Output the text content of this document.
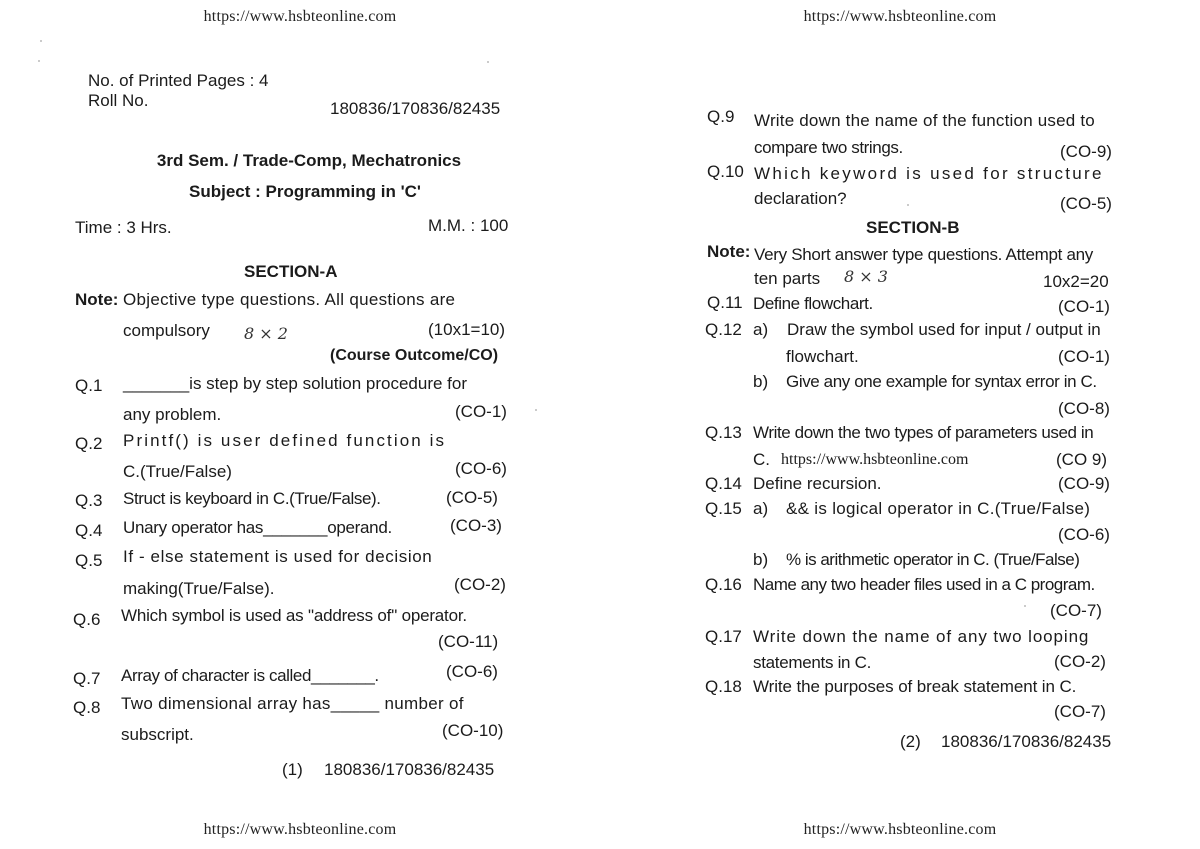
https://www.hsbteonline.com
No. of Printed Pages : 4
Roll No.	180836/170836/82435
3rd Sem. / Trade-Comp, Mechatronics
Subject : Programming in 'C'
Time : 3 Hrs.	M.M. : 100
SECTION-A
Note: Objective type questions. All questions are
compulsory 8 × 2	(10x1=10)
(Course Outcome/CO)
Q.1 _______is step by step solution procedure for
any problem.	(CO-1)
Q.2 Printf() is user defined function is
C.(True/False)	(CO-6)
Q.3 Struct is keyboard in C.(True/False).	(CO-5)
Q.4 Unary operator has_______operand.	(CO-3)
Q.5 If - else statement is used for decision
making(True/False).	(CO-2)
Q.6 Which symbol is used as "address of" operator.
(CO-11)
Q.7 Array of character is called_______.	(CO-6)
Q.8 Two dimensional array has_____ number of
subscript.	(CO-10)
(1) 180836/170836/82435
https://www.hsbteonline.com
https://www.hsbteonline.com
Q.9 Write down the name of the function used to
compare two strings.	(CO-9)
Q.10 Which keyword is used for structure
declaration?	(CO-5)
SECTION-B
Note: Very Short answer type questions. Attempt any
ten parts 8 × 3	10x2=20
Q.11 Define flowchart.	(CO-1)
Q.12 a) Draw the symbol used for input / output in
flowchart.	(CO-1)
b) Give any one example for syntax error in C.
(CO-8)
Q.13 Write down the two types of parameters used in
C. https://www.hsbteonline.com	(CO 9)
Q.14 Define recursion.	(CO-9)
Q.15 a) && is logical operator in C.(True/False)
(CO-6)
b) % is arithmetic operator in C. (True/False)
Q.16 Name any two header files used in a C program.
(CO-7)
Q.17 Write down the name of any two looping
statements in C.	(CO-2)
Q.18 Write the purposes of break statement in C.
(CO-7)
(2) 180836/170836/82435
https://www.hsbteonline.com
